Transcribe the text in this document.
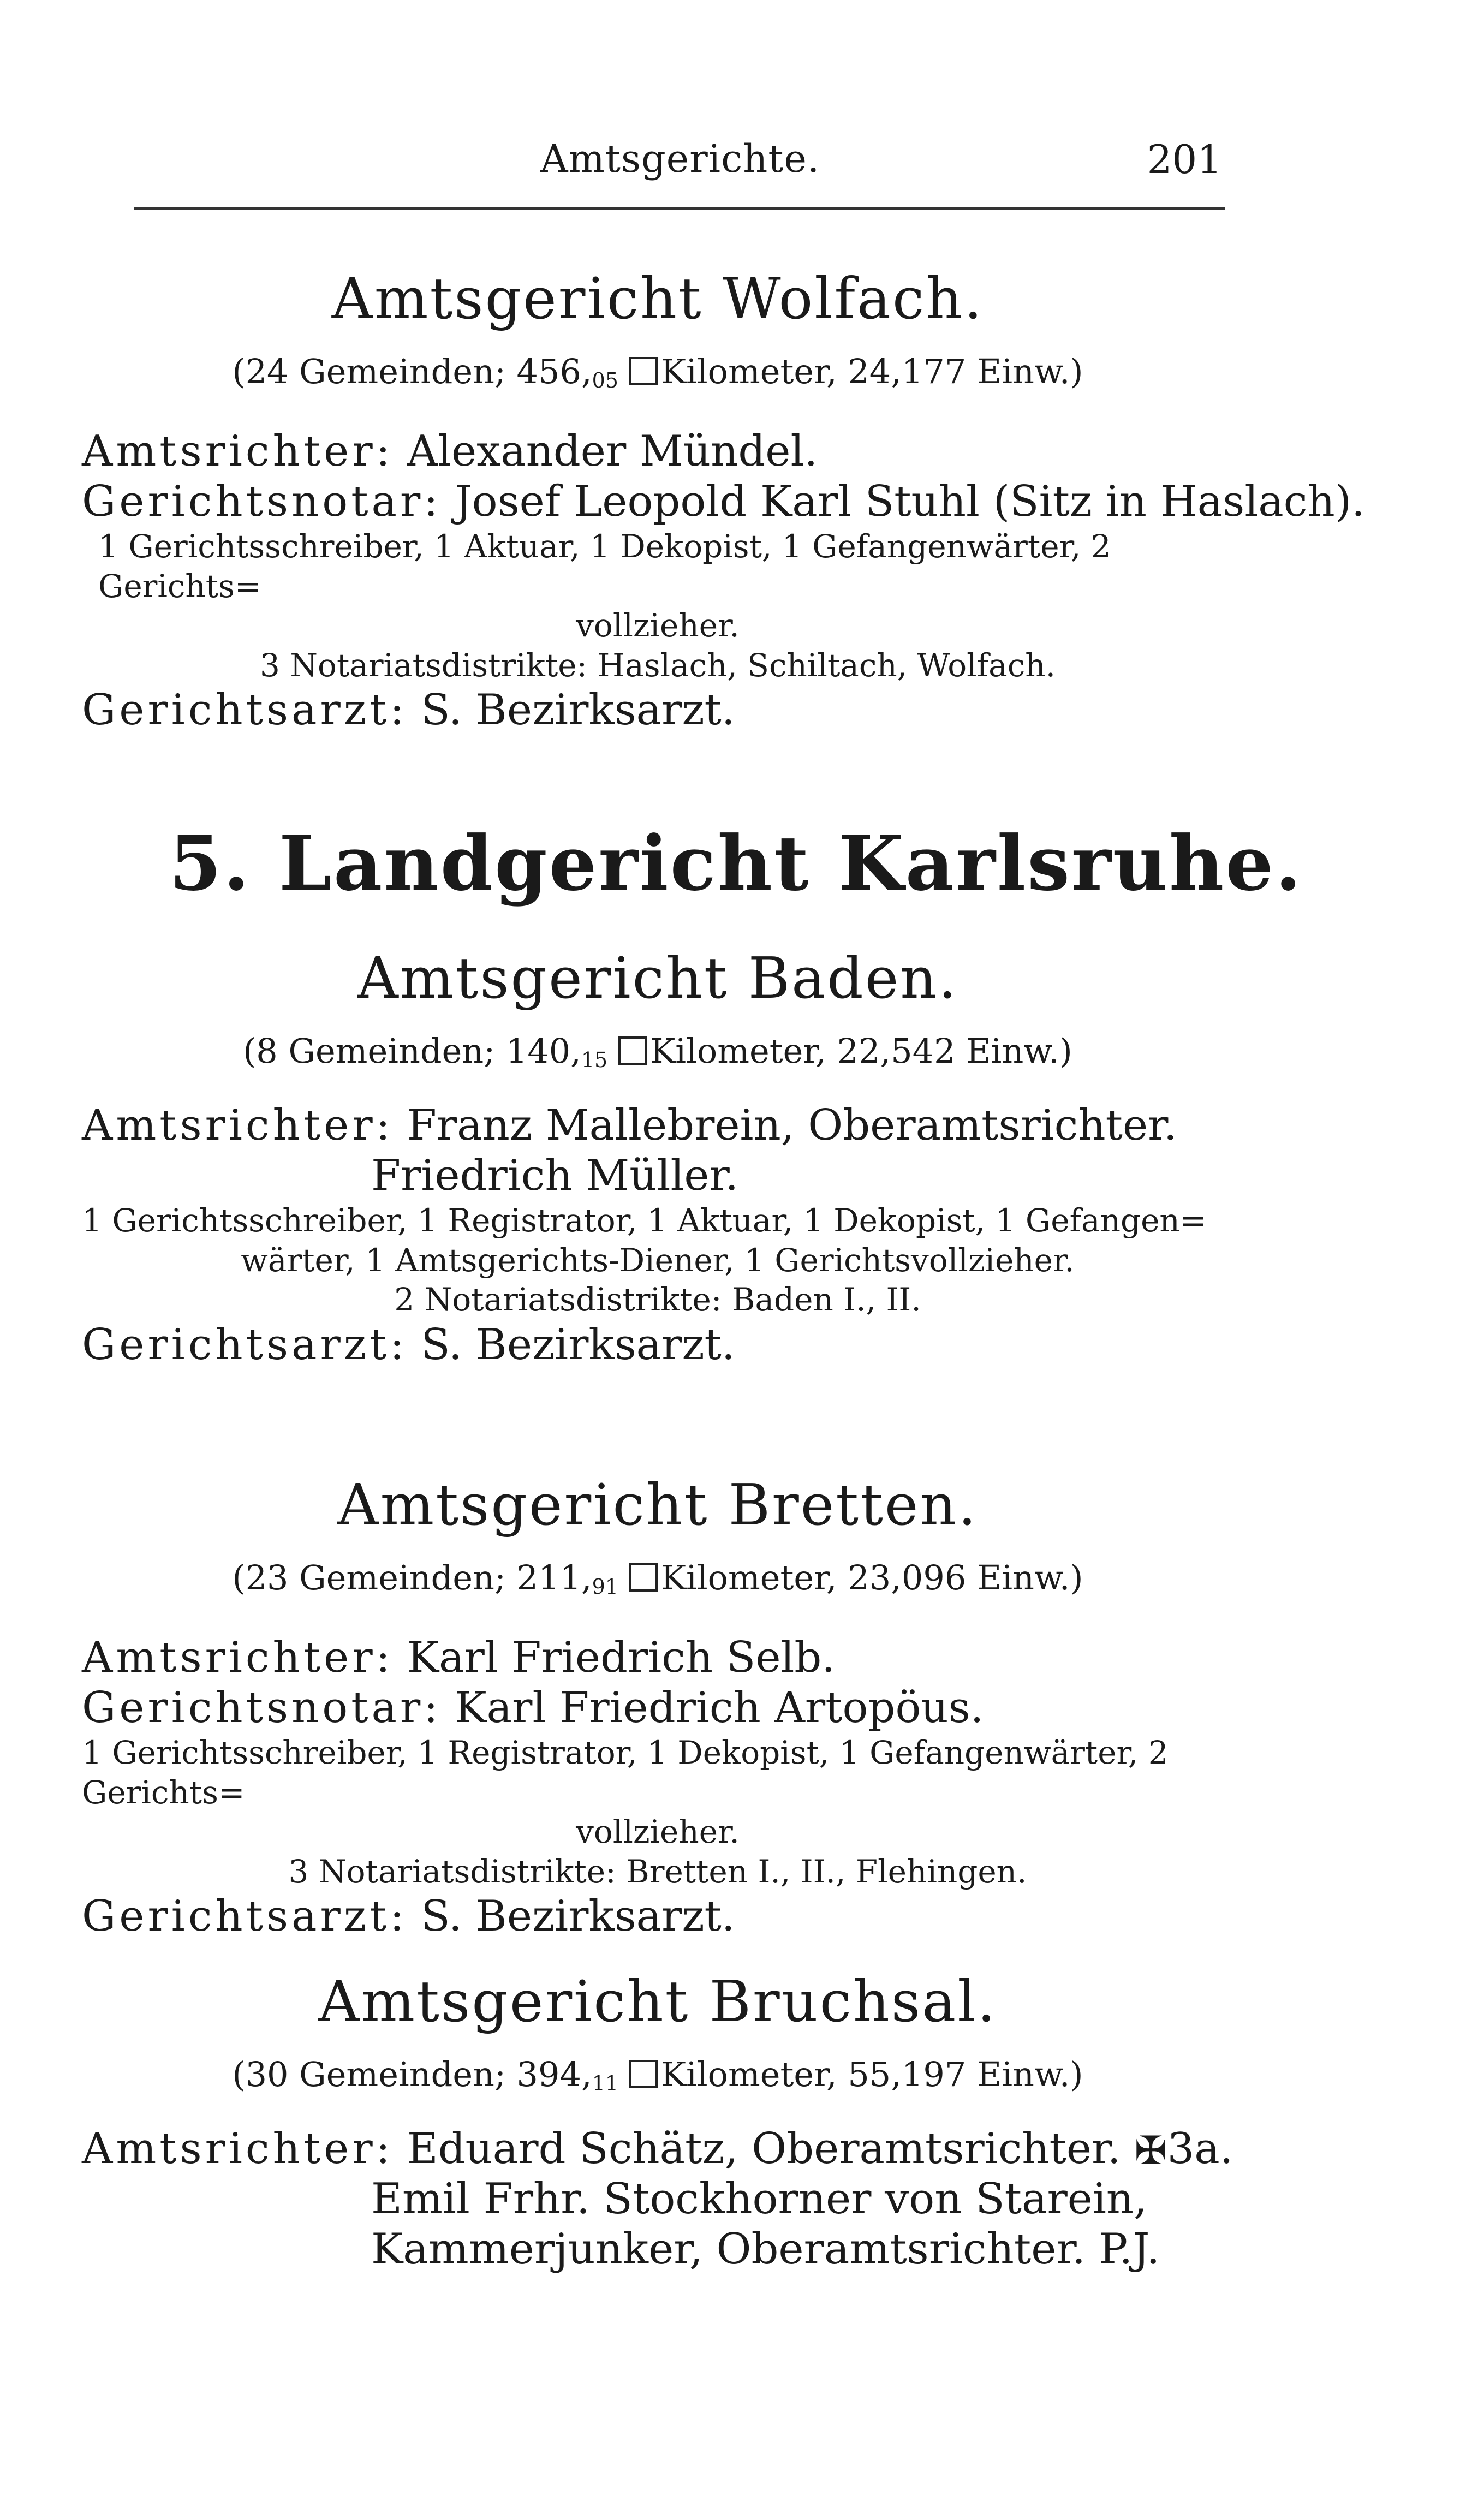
Amtsgerichte.	201
Amtsgericht Wolfach.
(24 Gemeinden; $456,_{05}$ Kilometer, 24,177 Einw.)
Amtsrichter: Alexander Mündel.
Gerichtsnotar: Josef Leopold Karl Stuhl (Sitz in Haslach).
1 Gerichtsschreiber, 1 Aktuar, 1 Dekopist, 1 Gefangenwärter, 2 Gerichts=
vollzieher.
3 Notariatsdistrikte: Haslach, Schiltach, Wolfach.
Gerichtsarzt: S. Bezirksarzt.
5. Landgericht Karlsruhe.
Amtsgericht Baden.
(8 Gemeinden; $140,_{15}$ Kilometer, 22,542 Einw.)
Amtsrichter: Franz Mallebrein, Oberamtsrichter.
Friedrich Müller.
1 Gerichtsschreiber, 1 Registrator, 1 Aktuar, 1 Dekopist, 1 Gefangen=
wärter, 1 Amtsgerichts-Diener, 1 Gerichtsvollzieher.
2 Notariatsdistrikte: Baden I., II.
Gerichtsarzt: S. Bezirksarzt.
Amtsgericht Bretten.
(23 Gemeinden; $211,_{91}$ Kilometer, 23,096 Einw.)
Amtsrichter: Karl Friedrich Selb.
Gerichtsnotar: Karl Friedrich Artopöus.
1 Gerichtsschreiber, 1 Registrator, 1 Dekopist, 1 Gefangenwärter, 2 Gerichts=
vollzieher.
3 Notariatsdistrikte: Bretten I., II., Flehingen.
Gerichtsarzt: S. Bezirksarzt.
Amtsgericht Bruchsal.
(30 Gemeinden; $394,_{11}$ Kilometer, 55,197 Einw.)
Amtsrichter: Eduard Schätz, Oberamtsrichter. ✠3a.
Emil Frhr. Stockhorner von Starein,
Kammerjunker, Oberamtsrichter. P.J.
